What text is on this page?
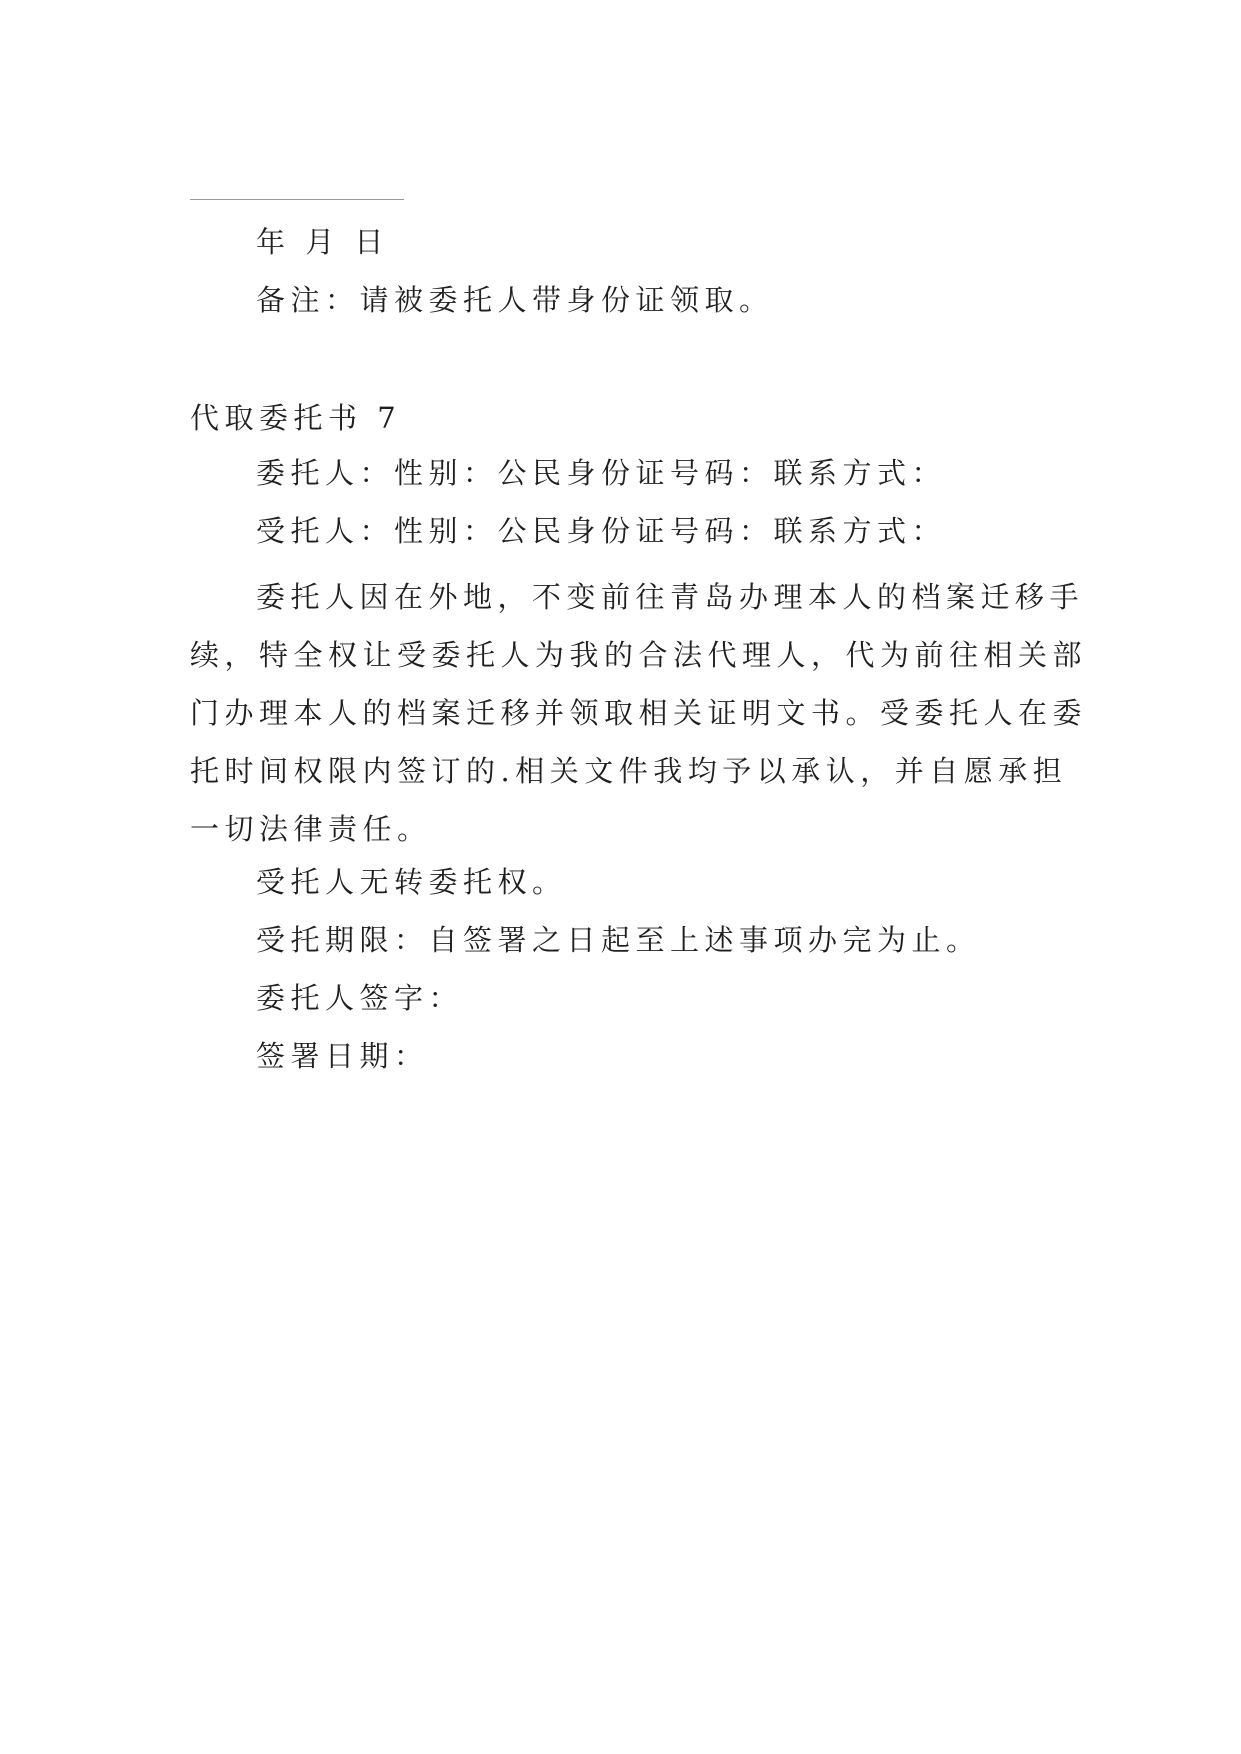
年 月 日
备注：请被委托人带身份证领取。
代取委托书 7
委托人：性别：公民身份证号码：联系方式：
受托人：性别：公民身份证号码：联系方式：
委托人因在外地，不变前往青岛办理本人的档案迁移手
续，特全权让受委托人为我的合法代理人，代为前往相关部
门办理本人的档案迁移并领取相关证明文书。受委托人在委
托时间权限内签订的.相关文件我均予以承认，并自愿承担
一切法律责任。
受托人无转委托权。
受托期限：自签署之日起至上述事项办完为止。
委托人签字：
签署日期：
